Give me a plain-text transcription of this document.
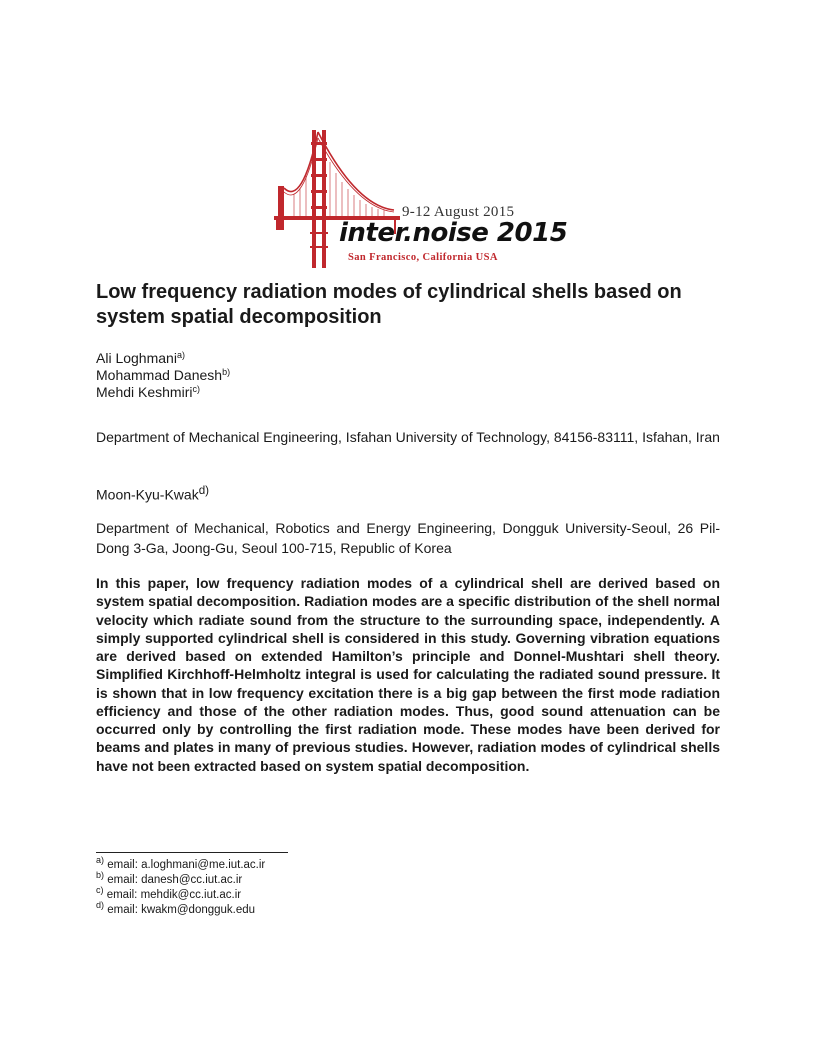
9-12 August 2015
inter.noise 2015
San Francisco, California USA
Low frequency radiation modes of cylindrical shells based on system spatial decomposition
Ali Loghmani$^{a)}$
Mohammad Danesh$^{b)}$
Mehdi Keshmiri$^{c)}$

Department of Mechanical Engineering, Isfahan University of Technology, 84156-83111, Isfahan, Iran

Moon-Kyu-Kwak$^{d)}$

Department of Mechanical, Robotics and Energy Engineering, Dongguk University-Seoul, 26 Pil-Dong 3-Ga, Joong-Gu, Seoul 100-715, Republic of Korea

In this paper, low frequency radiation modes of a cylindrical shell are derived based on system spatial decomposition. Radiation modes are a specific distribution of the shell normal velocity which radiate sound from the structure to the surrounding space, independently. A simply supported cylindrical shell is considered in this study. Governing vibration equations are derived based on extended Hamilton’s principle and Donnel-Mushtari shell theory. Simplified Kirchhoff-Helmholtz integral is used for calculating the radiated sound pressure. It is shown that in low frequency excitation there is a big gap between the first mode radiation efficiency and those of the other radiation modes. Thus, good sound attenuation can be occurred only by controlling the first radiation mode. These modes have been derived for beams and plates in many of previous studies. However, radiation modes of cylindrical shells have not been extracted based on system spatial decomposition.

$^{a)}$ email: a.loghmani@me.iut.ac.ir
$^{b)}$ email: danesh@cc.iut.ac.ir
$^{c)}$ email: mehdik@cc.iut.ac.ir
$^{d)}$ email: kwakm@dongguk.edu
